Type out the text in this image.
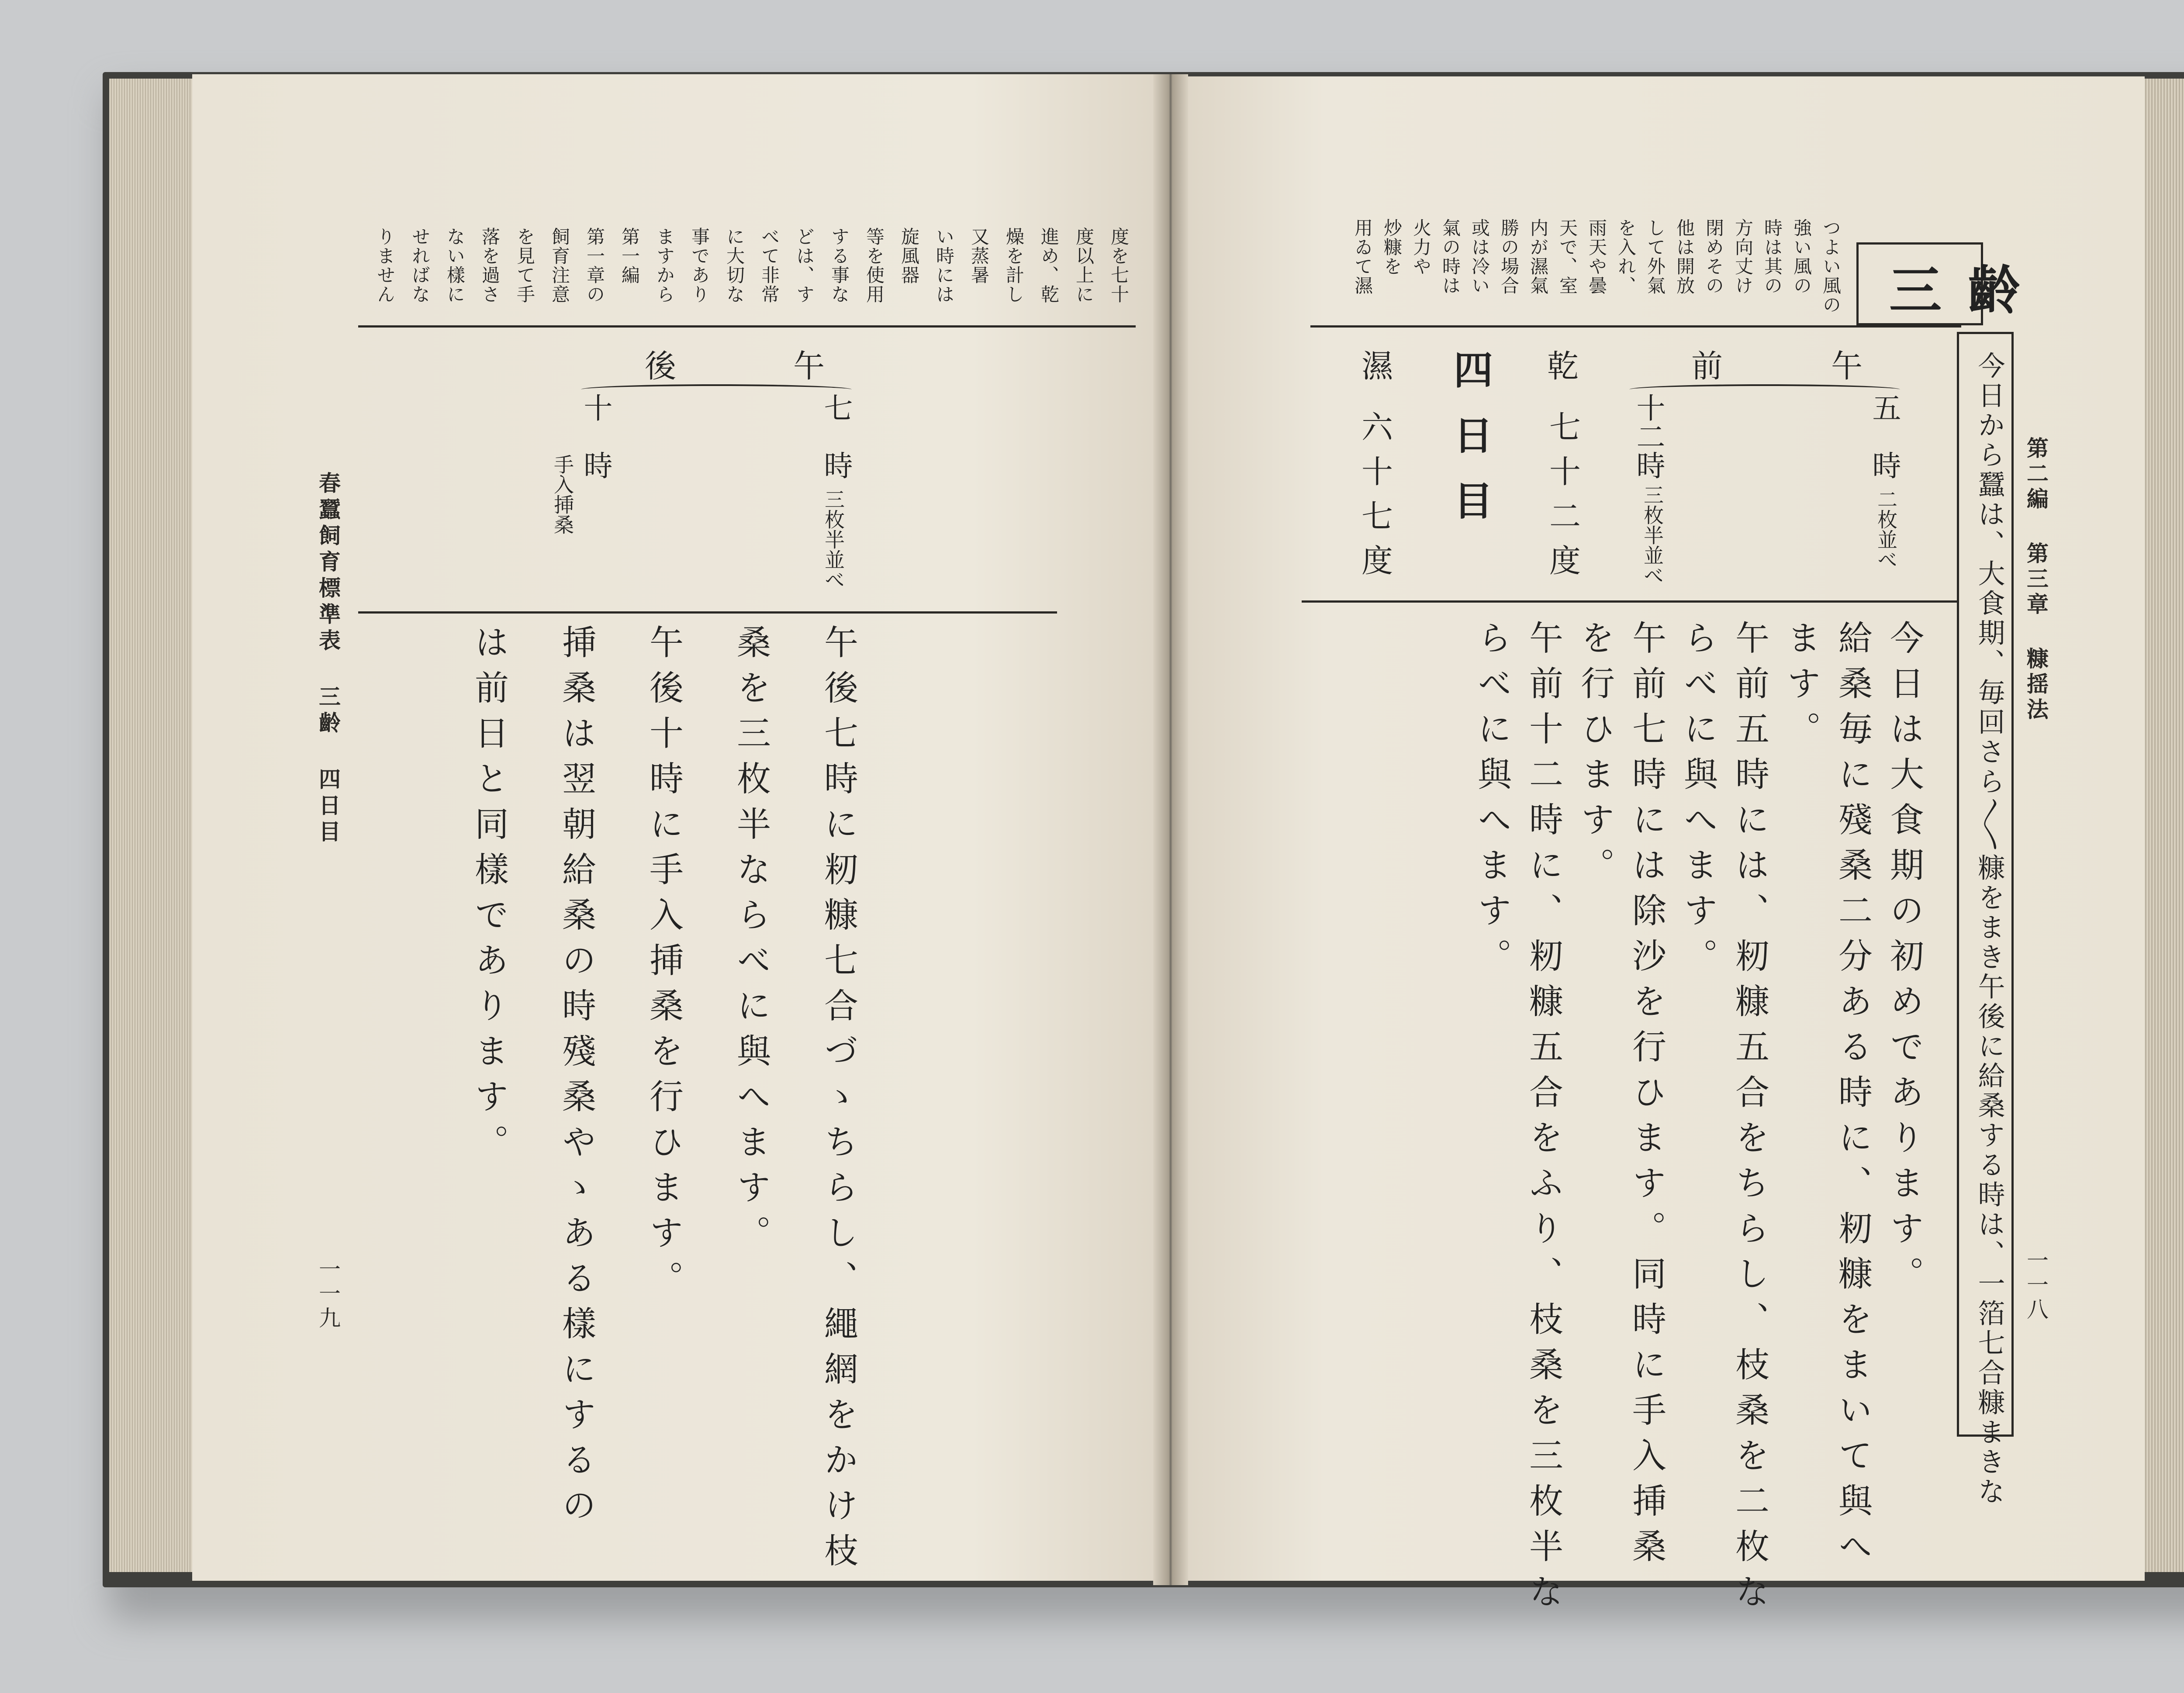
度を七十
度以上に
進め、乾
燥を計し
又蒸暑
い時には
旋風器
等を使用
する事な
どは、す
べて非常
に大切な
事であり
ますから
第一編
第一章の
飼育注意
を見て手
落を過さ
ない樣に
せればな
りません
午
後
七　時
三枚半並べ
十　時
手入挿桑
午後七時に籾糠七合づゝちらし、繩網をかけ枝
桑を三枚半ならべに與へます。
午後十時に手入挿桑を行ひます。
挿桑は翌朝給桑の時殘桑やゝある樣にするの
は前日と同樣であります。
春蠶飼育標準表 三齡 四日目
一一九
つよい風の
強い風の
時は其の
方向丈け
閉めその
他は開放
して外氣
を入れ、
雨天や曇
天で、室
内が濕氣
勝の場合
或は冷い
氣の時は
火力や
炒糠を
用ゐて濕	三齡
午
前
五　時
二枚並べ
十二時
三枚半並べ
乾
七十二度
四日目
濕
六十七度
今日は大食期の初めであります。
給桑毎に殘桑二分ある時に、籾糠をまいて與へ
ます。
午前五時には、籾糠五合をちらし、枝桑を二枚な
らべに與へます。
午前七時には除沙を行ひます。同時に手入挿桑
を行ひます。
午前十二時に、籾糠五合をふり、枝桑を三枚半な
らべに與へます。	今日から蠶は、大食期、毎回さら〱糠をまき午後に給桑する時は、一箔七合糠まきな 第二編 第三章 糠揺法
一一八
